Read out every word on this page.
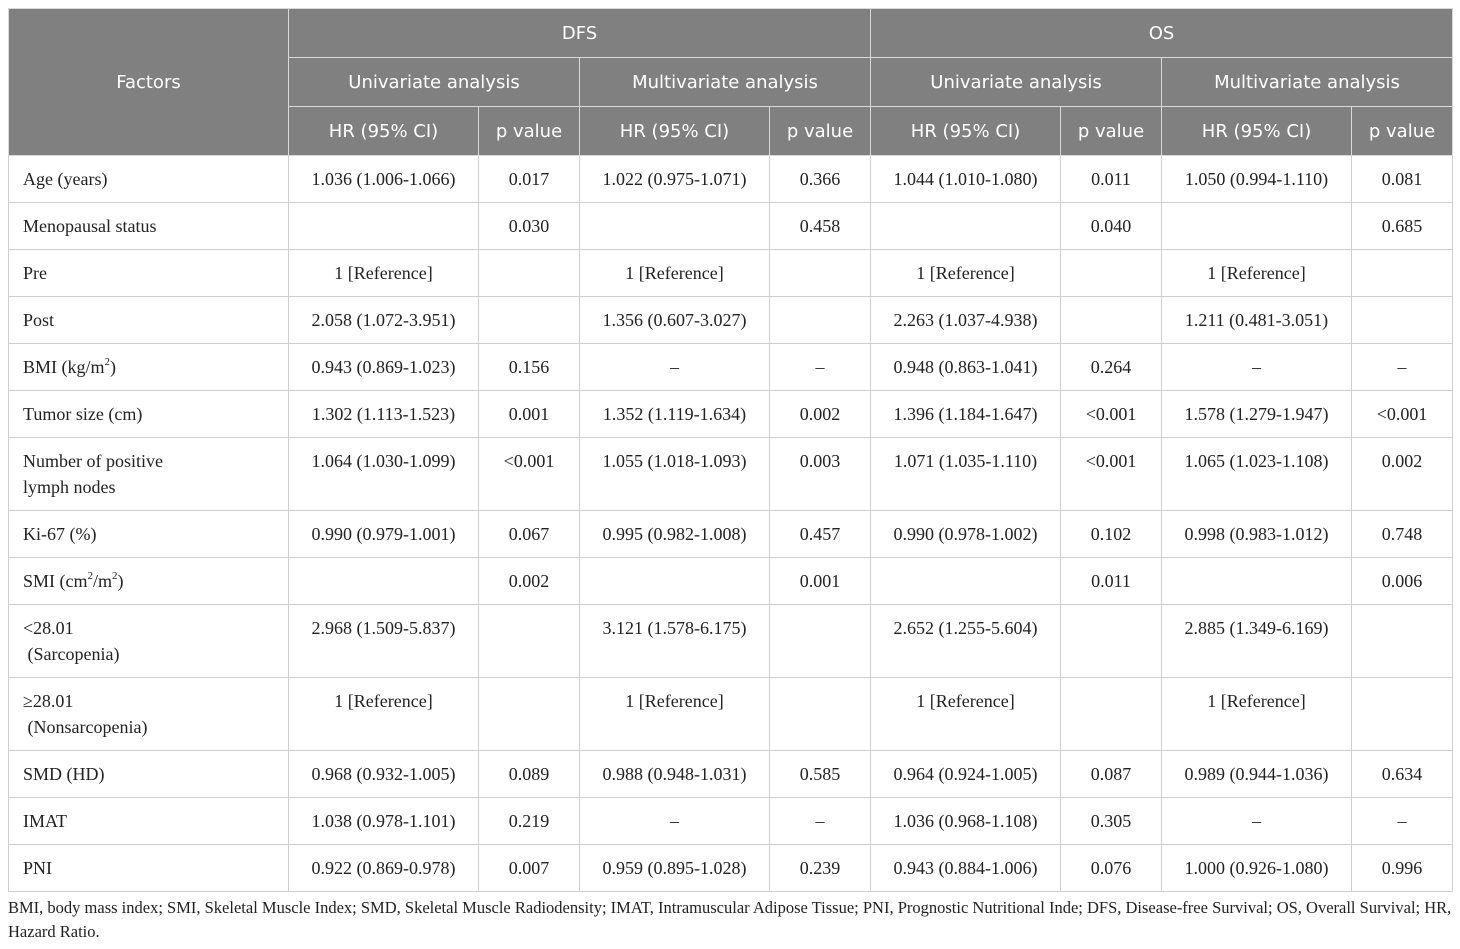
Factors	DFS				OS			
	Univariate analysis		Multivariate analysis		Univariate analysis		Multivariate analysis	
	HR (95% CI)	p value	HR (95% CI)	p value	HR (95% CI)	p value	HR (95% CI)	p value
Age (years)	1.036 (1.006-1.066)	0.017	1.022 (0.975-1.071)	0.366	1.044 (1.010-1.080)	0.011	1.050 (0.994-1.110)	0.081
Menopausal status		0.030		0.458		0.040		0.685
Pre	1 [Reference]		1 [Reference]		1 [Reference]		1 [Reference]	
Post	2.058 (1.072-3.951)		1.356 (0.607-3.027)		2.263 (1.037-4.938)		1.211 (0.481-3.051)	
BMI $(kg/m^2)$	0.943 (0.869-1.023)	0.156	–	–	0.948 (0.863-1.041)	0.264	–	–
Tumor size (cm)	1.302 (1.113-1.523)	0.001	1.352 (1.119-1.634)	0.002	1.396 (1.184-1.647)	<0.001	1.578 (1.279-1.947)	<0.001
Number of positive
lymph nodes	1.064 (1.030-1.099)	<0.001	1.055 (1.018-1.093)	0.003	1.071 (1.035-1.110)	<0.001	1.065 (1.023-1.108)	0.002
Ki-67 (%)	0.990 (0.979-1.001)	0.067	0.995 (0.982-1.008)	0.457	0.990 (0.978-1.002)	0.102	0.998 (0.983-1.012)	0.748
SMI $(cm^2/m^2)$		0.002		0.001		0.011		0.006
<28.01
(Sarcopenia)	2.968 (1.509-5.837)		3.121 (1.578-6.175)		2.652 (1.255-5.604)		2.885 (1.349-6.169)	
≥28.01
(Nonsarcopenia)	1 [Reference]		1 [Reference]		1 [Reference]		1 [Reference]	
SMD (HD)	0.968 (0.932-1.005)	0.089	0.988 (0.948-1.031)	0.585	0.964 (0.924-1.005)	0.087	0.989 (0.944-1.036)	0.634
IMAT	1.038 (0.978-1.101)	0.219	–	–	1.036 (0.968-1.108)	0.305	–	–
PNI	0.922 (0.869-0.978)	0.007	0.959 (0.895-1.028)	0.239	0.943 (0.884-1.006)	0.076	1.000 (0.926-1.080)	0.996
BMI, body mass index; SMI, Skeletal Muscle Index; SMD, Skeletal Muscle Radiodensity; IMAT, Intramuscular Adipose Tissue; PNI, Prognostic Nutritional Inde; DFS, Disease-free Survival; OS, Overall Survival; HR, Hazard Ratio.
